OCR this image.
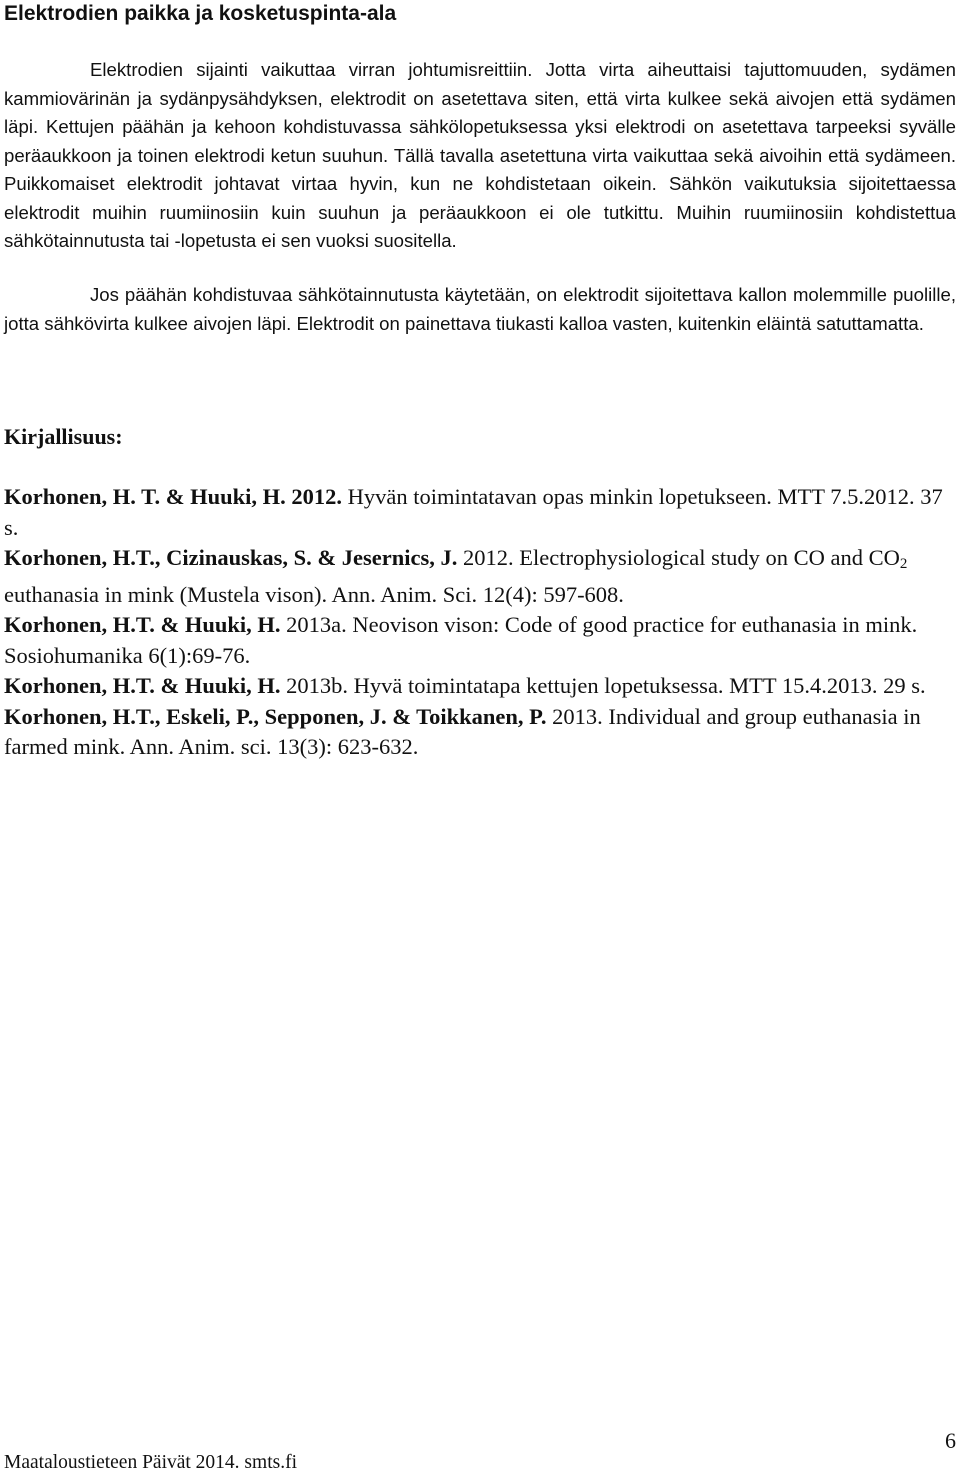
Elektrodien paikka ja kosketuspinta-ala

Elektrodien sijainti vaikuttaa virran johtumisreittiin. Jotta virta aiheuttaisi tajuttomuuden, sydämen kammiovärinän ja sydänpysähdyksen, elektrodit on asetettava siten, että virta kulkee sekä aivojen että sydämen läpi. Kettujen päähän ja kehoon kohdistuvassa sähkölopetuksessa yksi elektrodi on asetettava tarpeeksi syvälle peräaukkoon ja toinen elektrodi ketun suuhun. Tällä tavalla asetettuna virta vaikuttaa sekä aivoihin että sydämeen. Puikkomaiset elektrodit johtavat virtaa hyvin, kun ne kohdistetaan oikein. Sähkön vaikutuksia sijoitettaessa elektrodit muihin ruumiinosiin kuin suuhun ja peräaukkoon ei ole tutkittu. Muihin ruumiinosiin kohdistettua sähkötainnutusta tai -lopetusta ei sen vuoksi suositella.

Jos päähän kohdistuvaa sähkötainnutusta käytetään, on elektrodit sijoitettava kallon molemmille puolille, jotta sähkövirta kulkee aivojen läpi. Elektrodit on painettava tiukasti kalloa vasten, kuitenkin eläintä satuttamatta.

Kirjallisuus:

Korhonen, H. T. & Huuki, H. 2012. Hyvän toimintatavan opas minkin lopetukseen. MTT 7.5.2012. 37 s.

Korhonen, H.T., Cizinauskas, S. & Jesernics, J. 2012. Electrophysiological study on CO and $CO_2$ euthanasia in mink (Mustela vison). Ann. Anim. Sci. 12(4): 597-608.

Korhonen, H.T. & Huuki, H. 2013a. Neovison vison: Code of good practice for euthanasia in mink. Sosiohumanika 6(1):69-76.

Korhonen, H.T. & Huuki, H. 2013b. Hyvä toimintatapa kettujen lopetuksessa. MTT 15.4.2013. 29 s.

Korhonen, H.T., Eskeli, P., Sepponen, J. & Toikkanen, P. 2013. Individual and group euthanasia in farmed mink. Ann. Anim. sci. 13(3): 623-632.

Maataloustieteen Päivät 2014. smts.fi
6
